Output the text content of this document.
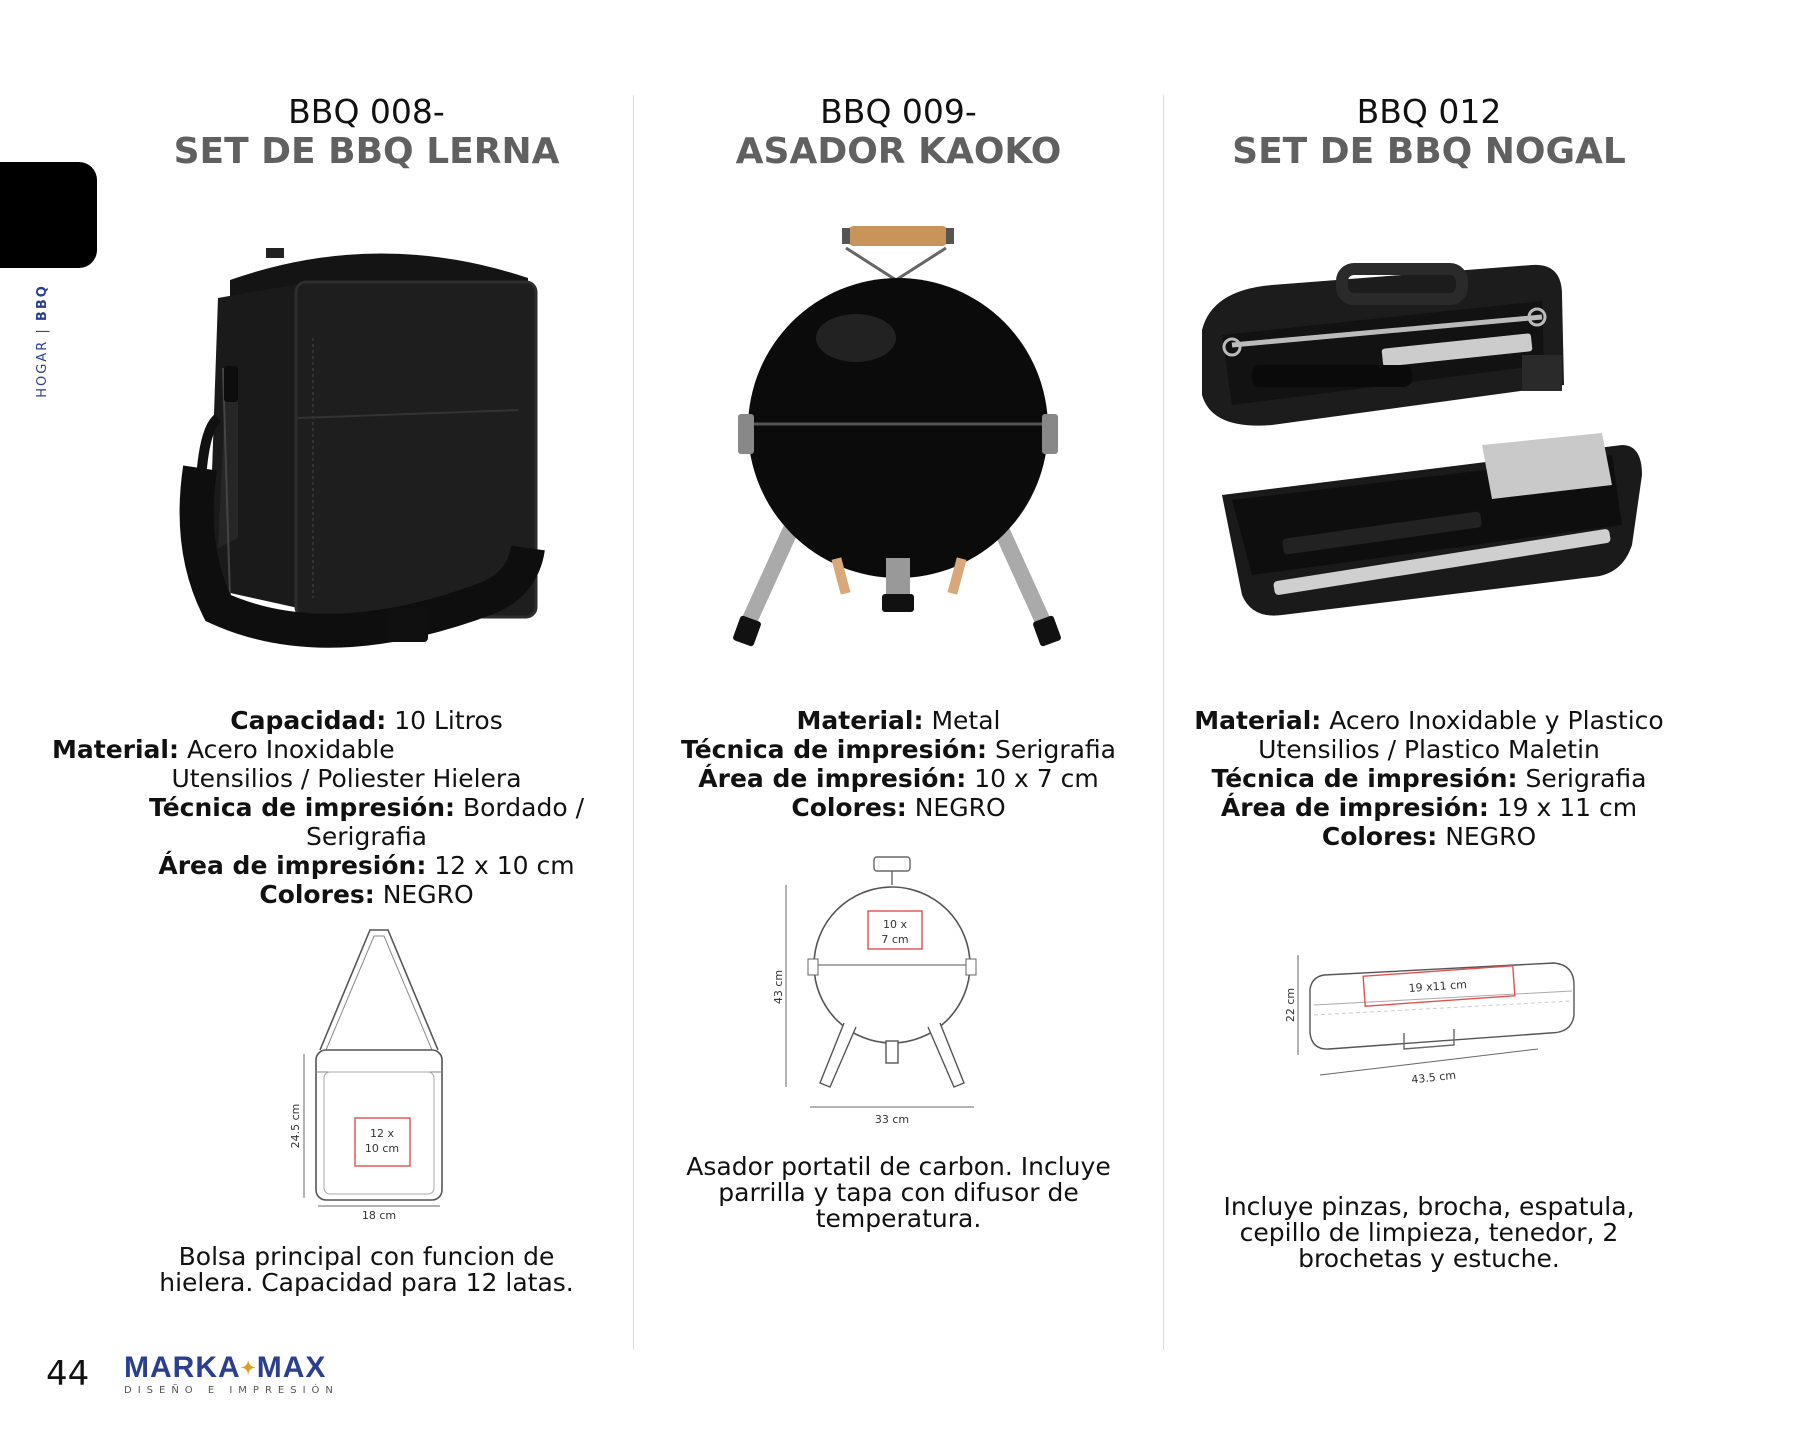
HOGAR | BBQ
BBQ 008-
SET DE BBQ LERNA
Capacidad: 10 Litros
Material: Acero Inoxidable
Utensilios / Poliester Hielera
Técnica de impresión: Bordado /
Serigrafia
Área de impresión: 12 x 10 cm
Colores: NEGRO
12 x
10 cm
24.5 cm
18 cm
Bolsa principal con funcion de
hielera. Capacidad para 12 latas.
BBQ 009-
ASADOR KAOKO
Material: Metal
Técnica de impresión: Serigrafia
Área de impresión: 10 x 7 cm
Colores: NEGRO
10 x
7 cm
43 cm
33 cm
Asador portatil de carbon. Incluye
parrilla y tapa con difusor de
temperatura.
BBQ 012
SET DE BBQ NOGAL
Material: Acero Inoxidable y Plastico
Utensilios / Plastico Maletin
Técnica de impresión: Serigrafia
Área de impresión: 19 x 11 cm
Colores: NEGRO
19 x11 cm
22 cm
43.5 cm
Incluye pinzas, brocha, espatula,
cepillo de limpieza, tenedor, 2
brochetas y estuche.
44 MARKA✦MAX
DISEÑO E IMPRESIÓN
